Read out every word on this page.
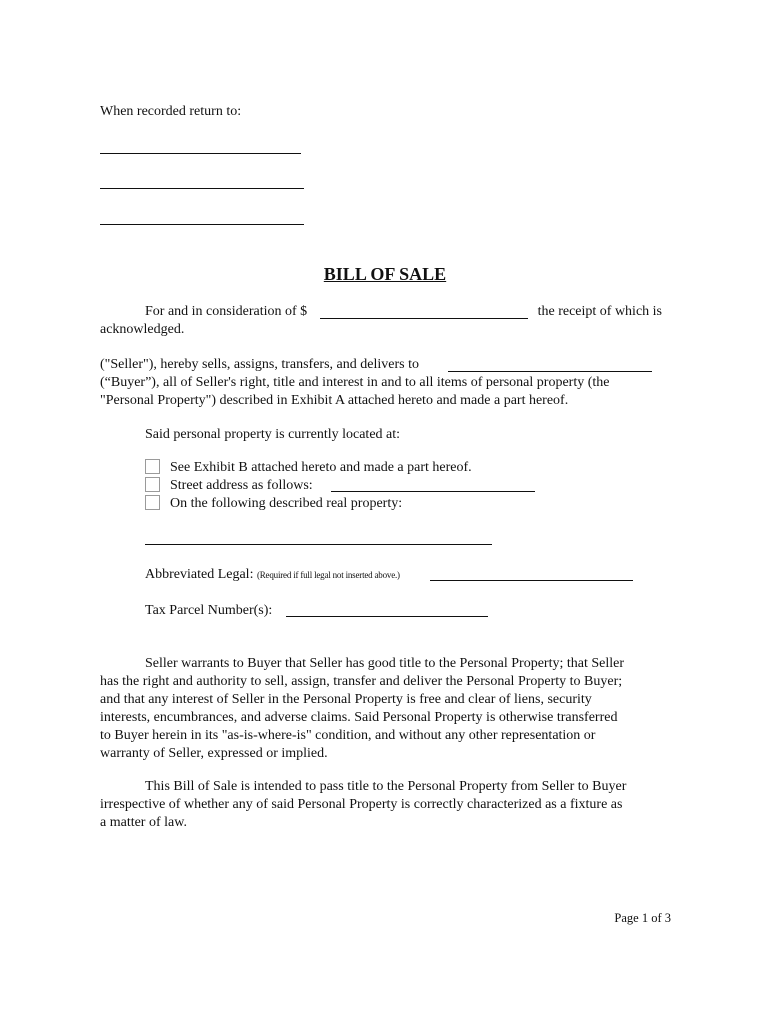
When recorded return to:
BILL OF SALE
For and in consideration of $	the receipt of which is
acknowledged.
("Seller"), hereby sells, assigns, transfers, and delivers to
(“Buyer”), all of Seller's right, title and interest in and to all items of personal property (the
"Personal Property") described in Exhibit A attached hereto and made a part hereof.
Said personal property is currently located at:
See Exhibit B attached hereto and made a part hereof.
Street address as follows:
On the following described real property:
Abbreviated Legal: (Required if full legal not inserted above.)
Tax Parcel Number(s):
Seller warrants to Buyer that Seller has good title to the Personal Property; that Seller
has the right and authority to sell, assign, transfer and deliver the Personal Property to Buyer;
and that any interest of Seller in the Personal Property is free and clear of liens, security
interests, encumbrances, and adverse claims. Said Personal Property is otherwise transferred
to Buyer herein in its "as-is-where-is" condition, and without any other representation or
warranty of Seller, expressed or implied.
This Bill of Sale is intended to pass title to the Personal Property from Seller to Buyer
irrespective of whether any of said Personal Property is correctly characterized as a fixture as
a matter of law.
Page 1 of 3
